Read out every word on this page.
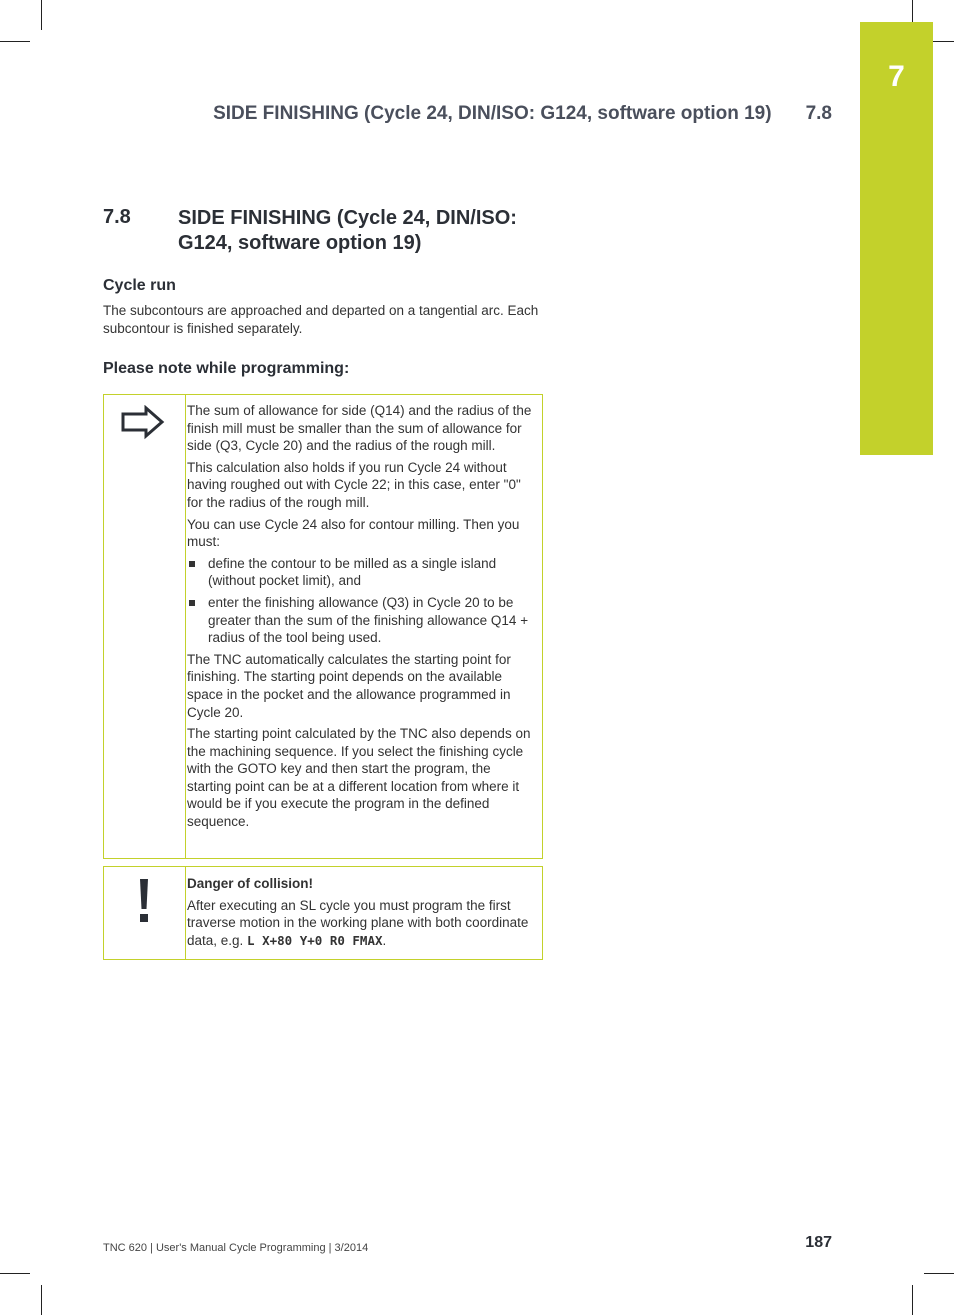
7
SIDE FINISHING (Cycle 24, DIN/ISO: G124, software option 19) 7.8
7.8 SIDE FINISHING (Cycle 24, DIN/ISO: G124, software option 19)
Cycle run
The subcontours are approached and departed on a tangential arc. Each subcontour is finished separately.
Please note while programming:

The sum of allowance for side (Q14) and the radius of the finish mill must be smaller than the sum of allowance for side (Q3, Cycle 20) and the radius of the rough mill.

This calculation also holds if you run Cycle 24 without having roughed out with Cycle 22; in this case, enter "0" for the radius of the rough mill.

You can use Cycle 24 also for contour milling. Then you must:

define the contour to be milled as a single island (without pocket limit), and
enter the finishing allowance (Q3) in Cycle 20 to be greater than the sum of the finishing allowance Q14 + radius of the tool being used.

The TNC automatically calculates the starting point for finishing. The starting point depends on the available space in the pocket and the allowance programmed in Cycle 20.

The starting point calculated by the TNC also depends on the machining sequence. If you select the finishing cycle with the GOTO key and then start the program, the starting point can be at a different location from where it would be if you execute the program in the defined sequence.

Danger of collision!

After executing an SL cycle you must program the first traverse motion in the working plane with both coordinate data, e.g. L X+80 Y+0 R0 FMAX.

TNC 620 | User's Manual Cycle Programming | 3/2014	187
